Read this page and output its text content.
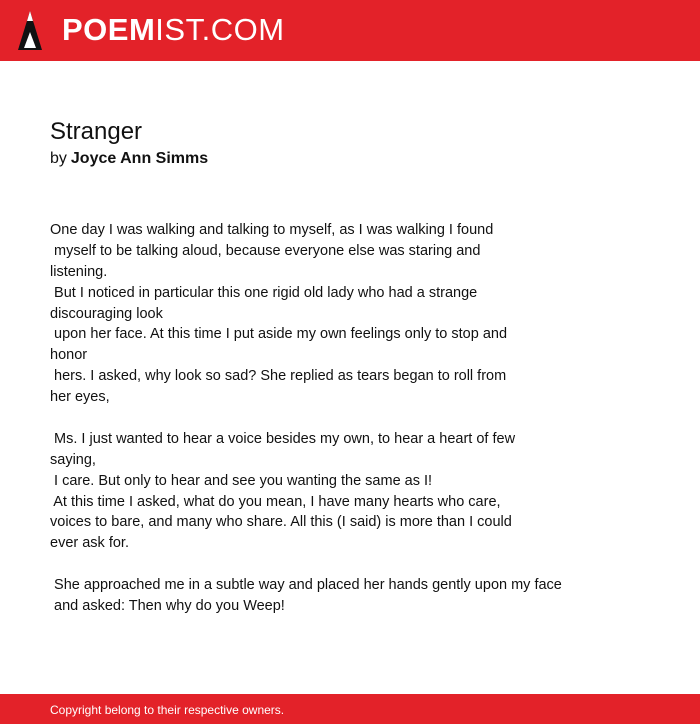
POEMIST.COM
Stranger
by Joyce Ann Simms
One day I was walking and talking to myself, as I was walking I found
myself to be talking aloud, because everyone else was staring and
listening.
But I noticed in particular this one rigid old lady who had a strange
discouraging look
upon her face. At this time I put aside my own feelings only to stop and
honor
hers. I asked, why look so sad? She replied as tears began to roll from
her eyes,
Ms. I just wanted to hear a voice besides my own, to hear a heart of few
saying,
I care. But only to hear and see you wanting the same as I!
At this time I asked, what do you mean, I have many hearts who care,
voices to bare, and many who share. All this (I said) is more than I could
ever ask for.
She approached me in a subtle way and placed her hands gently upon my face
and asked: Then why do you Weep!
Copyright belong to their respective owners.
